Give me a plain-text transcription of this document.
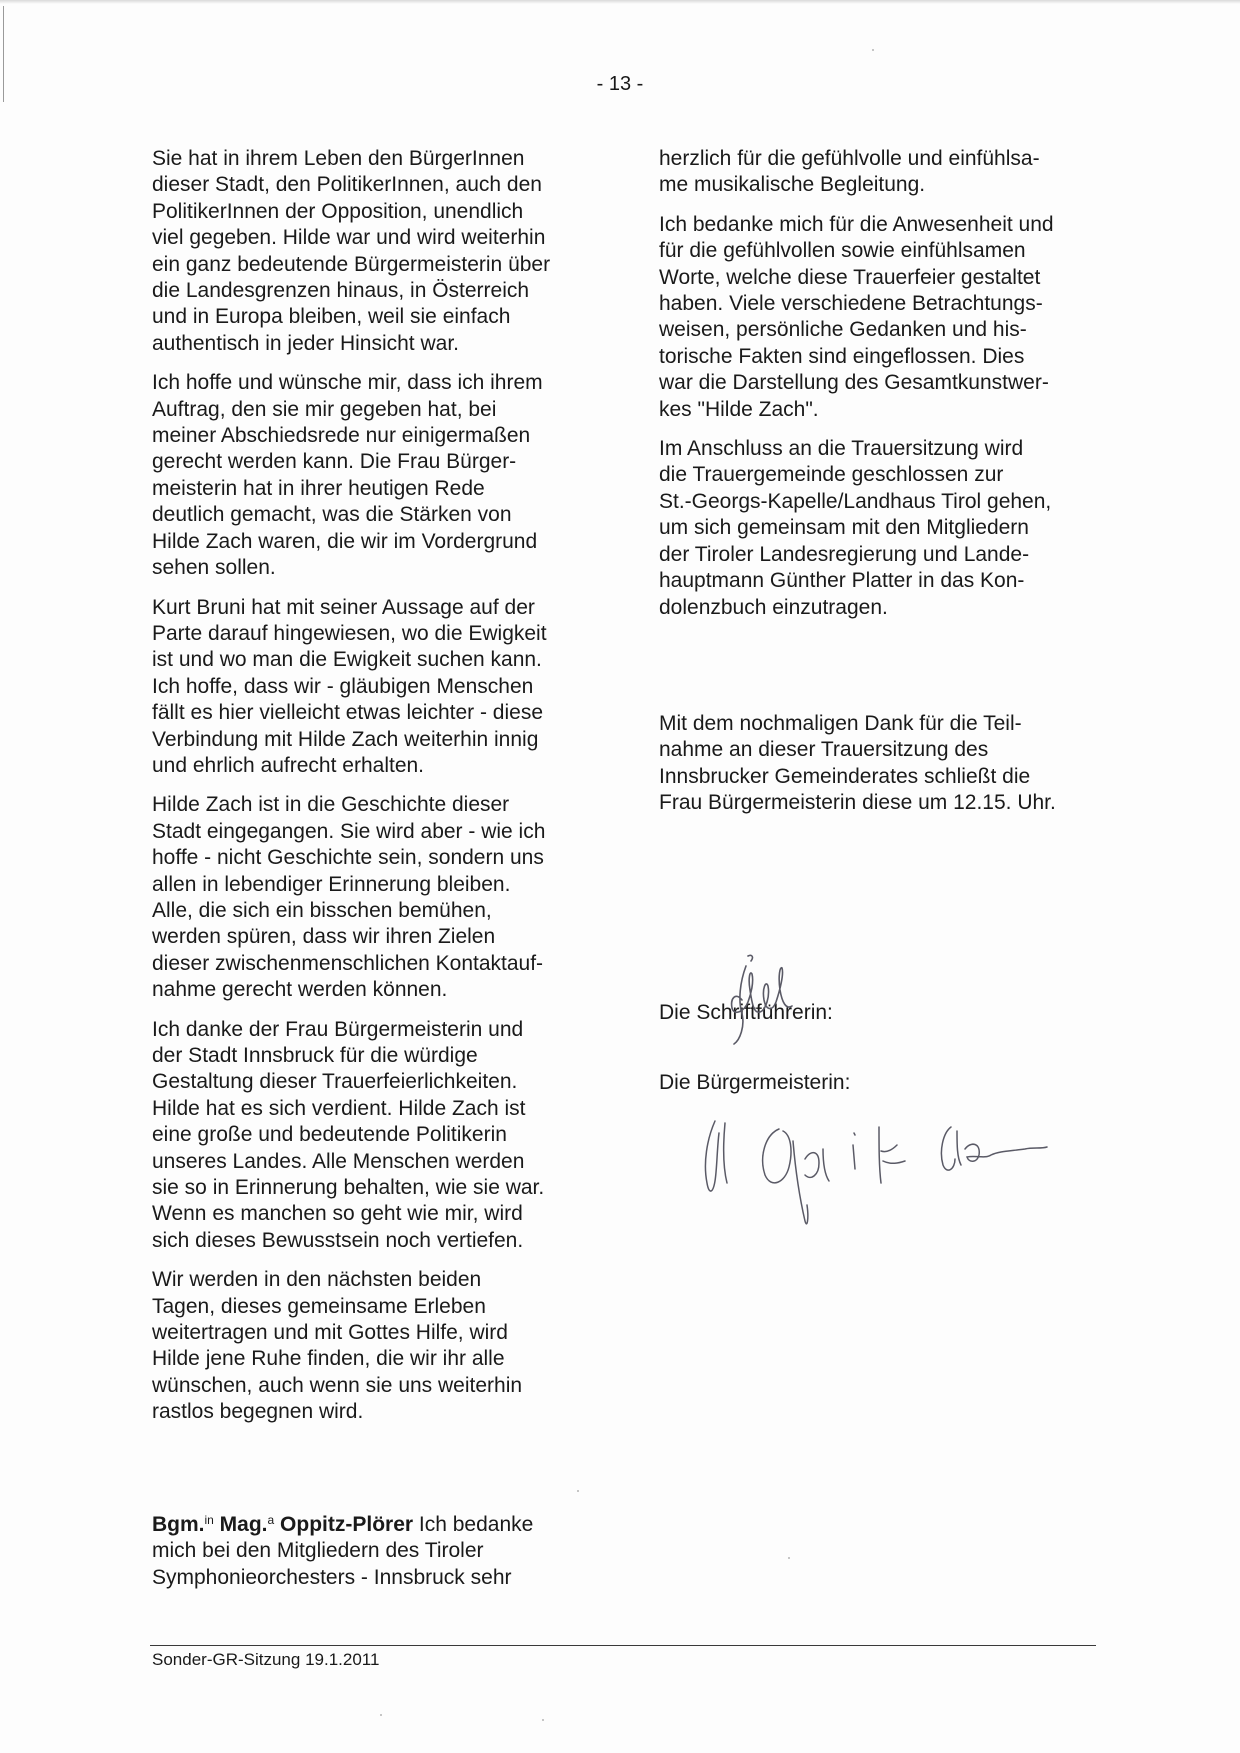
- 13 -
Sie hat in ihrem Leben den BürgerInnen
dieser Stadt, den PolitikerInnen, auch den
PolitikerInnen der Opposition, unendlich
viel gegeben. Hilde war und wird weiterhin
ein ganz bedeutende Bürgermeisterin über
die Landesgrenzen hinaus, in Österreich
und in Europa bleiben, weil sie einfach
authentisch in jeder Hinsicht war.
Ich hoffe und wünsche mir, dass ich ihrem
Auftrag, den sie mir gegeben hat, bei
meiner Abschiedsrede nur einigermaßen
gerecht werden kann. Die Frau Bürger-
meisterin hat in ihrer heutigen Rede
deutlich gemacht, was die Stärken von
Hilde Zach waren, die wir im Vordergrund
sehen sollen.
Kurt Bruni hat mit seiner Aussage auf der
Parte darauf hingewiesen, wo die Ewigkeit
ist und wo man die Ewigkeit suchen kann.
Ich hoffe, dass wir - gläubigen Menschen
fällt es hier vielleicht etwas leichter - diese
Verbindung mit Hilde Zach weiterhin innig
und ehrlich aufrecht erhalten.
Hilde Zach ist in die Geschichte dieser
Stadt eingegangen. Sie wird aber - wie ich
hoffe - nicht Geschichte sein, sondern uns
allen in lebendiger Erinnerung bleiben.
Alle, die sich ein bisschen bemühen,
werden spüren, dass wir ihren Zielen
dieser zwischenmenschlichen Kontaktauf-
nahme gerecht werden können.
Ich danke der Frau Bürgermeisterin und
der Stadt Innsbruck für die würdige
Gestaltung dieser Trauerfeierlichkeiten.
Hilde hat es sich verdient. Hilde Zach ist
eine große und bedeutende Politikerin
unseres Landes. Alle Menschen werden
sie so in Erinnerung behalten, wie sie war.
Wenn es manchen so geht wie mir, wird
sich dieses Bewusstsein noch vertiefen.
Wir werden in den nächsten beiden
Tagen, dieses gemeinsame Erleben
weitertragen und mit Gottes Hilfe, wird
Hilde jene Ruhe finden, die wir ihr alle
wünschen, auch wenn sie uns weiterhin
rastlos begegnen wird.
herzlich für die gefühlvolle und einfühlsa-
me musikalische Begleitung.
Ich bedanke mich für die Anwesenheit und
für die gefühlvollen sowie einfühlsamen
Worte, welche diese Trauerfeier gestaltet
haben. Viele verschiedene Betrachtungs-
weisen, persönliche Gedanken und his-
torische Fakten sind eingeflossen. Dies
war die Darstellung des Gesamtkunstwer-
kes "Hilde Zach".
Im Anschluss an die Trauersitzung wird
die Trauergemeinde geschlossen zur
St.-Georgs-Kapelle/Landhaus Tirol gehen,
um sich gemeinsam mit den Mitgliedern
der Tiroler Landesregierung und Lande-
hauptmann Günther Platter in das Kon-
dolenzbuch einzutragen.
Mit dem nochmaligen Dank für die Teil-
nahme an dieser Trauersitzung des
Innsbrucker Gemeinderates schließt die
Frau Bürgermeisterin diese um 12.15. Uhr.
Die Schriftführerin:
Die Bürgermeisterin:
Bgm.$^{in}$ Mag.$^a$ Oppitz-Plörer Ich bedanke
mich bei den Mitgliedern des Tiroler
Symphonieorchesters - Innsbruck sehr
Sonder-GR-Sitzung 19.1.2011
